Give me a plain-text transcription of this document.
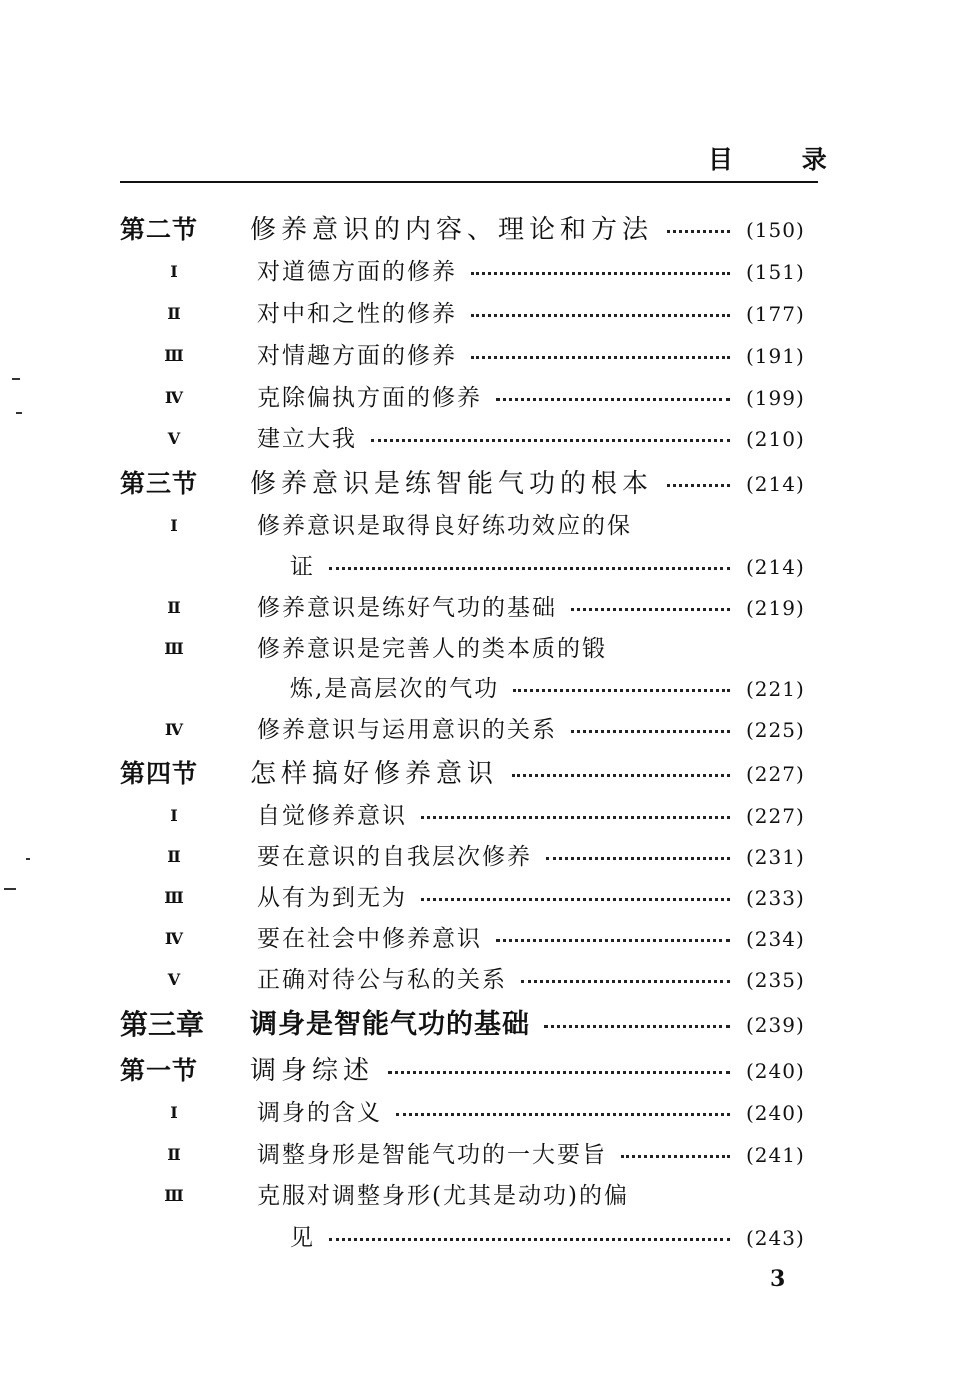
目 录
第二节 修养意识的内容、理论和方法	(150)
Ⅰ	对道德方面的修养	(151)
Ⅱ	对中和之性的修养	(177)
Ⅲ	对情趣方面的修养	(191)
Ⅳ	克除偏执方面的修养	(199)
Ⅴ	建立大我	(210)
第三节 修养意识是练智能气功的根本	(214)
Ⅰ	修养意识是取得良好练功效应的保
证	(214)
Ⅱ	修养意识是练好气功的基础	(219)
Ⅲ	修养意识是完善人的类本质的锻
炼,是高层次的气功	(221)
Ⅳ	修养意识与运用意识的关系	(225)
第四节 怎样搞好修养意识	(227)
Ⅰ	自觉修养意识	(227)
Ⅱ	要在意识的自我层次修养	(231)
Ⅲ	从有为到无为	(233)
Ⅳ	要在社会中修养意识	(234)
Ⅴ	正确对待公与私的关系	(235)
第三章 调身是智能气功的基础	(239)
第一节 调身综述	(240)
Ⅰ	调身的含义	(240)
Ⅱ	调整身形是智能气功的一大要旨	(241)
Ⅲ	克服对调整身形(尤其是动功)的偏
见	(243)
3
